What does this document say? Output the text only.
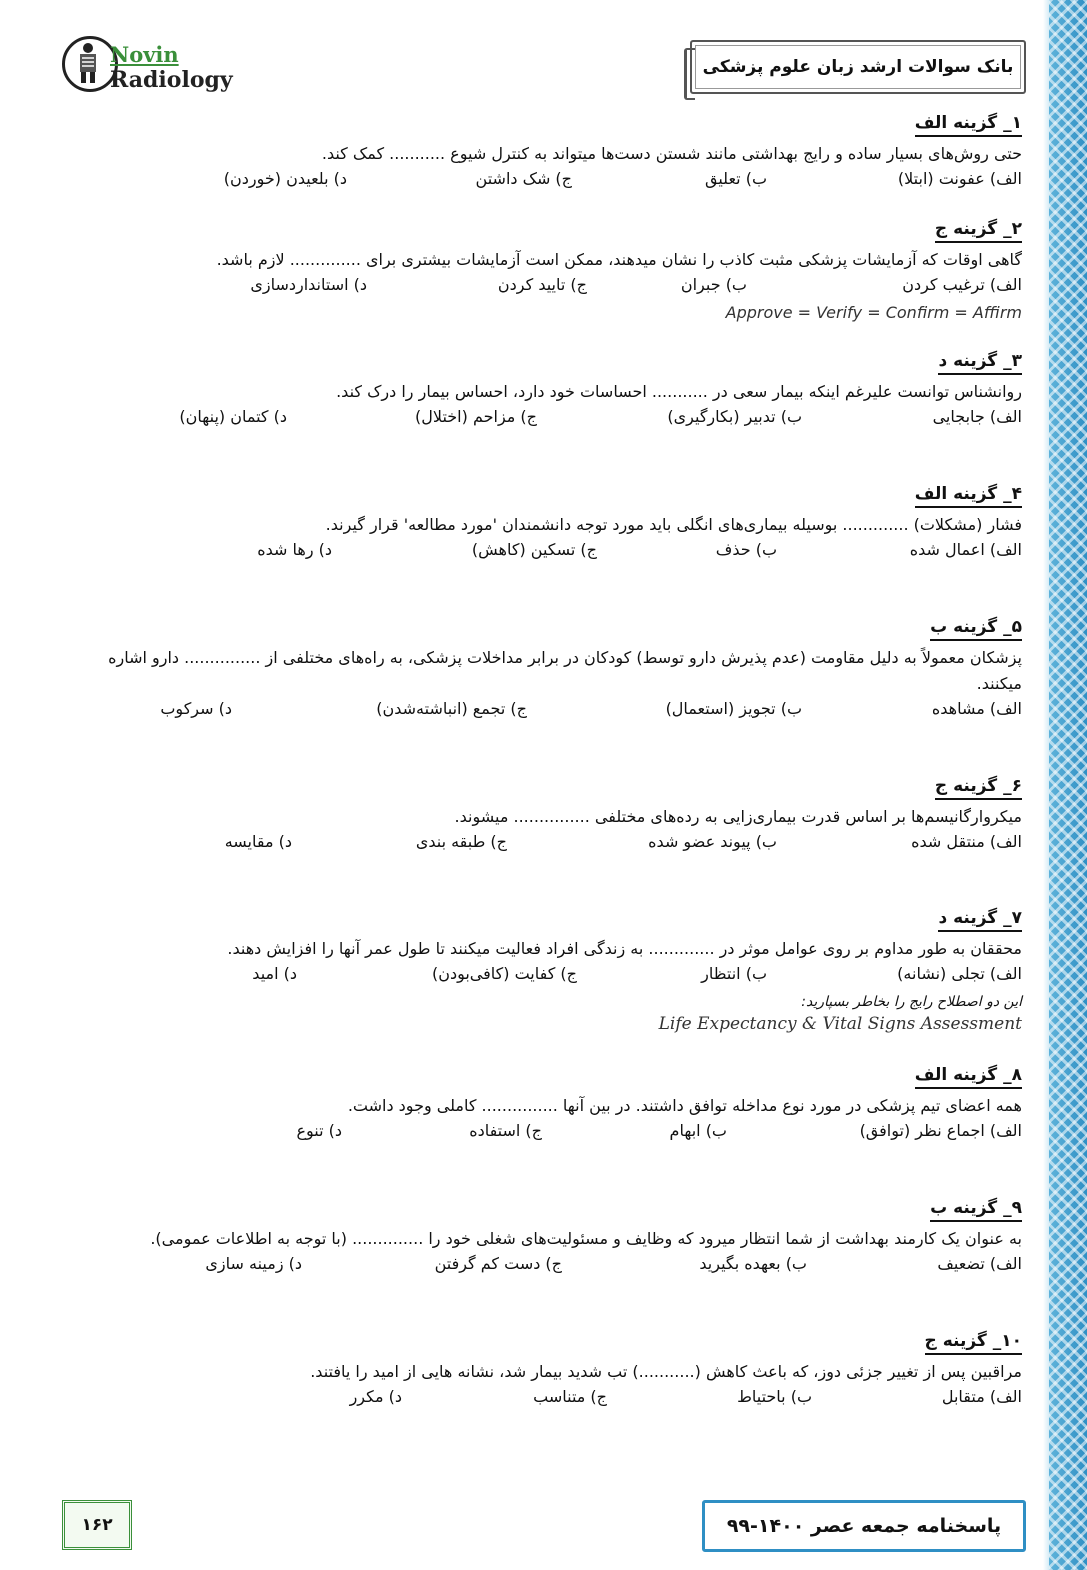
Novin
Radiology	بانک سوالات ارشد زبان علوم پزشکی
۱_ گزینه الف
حتی روش‌های بسیار ساده و رایج بهداشتی مانند شستن دست‌ها میتواند به کنترل شیوع ........... کمک کند.
الف) عفونت (ابتلا)
ب) تعلیق
ج) شک داشتن
د) بلعیدن (خوردن)
۲_ گزینه ج
گاهی اوقات که آزمایشات پزشکی مثبت کاذب را نشان میدهند، ممکن است آزمایشات بیشتری برای .............. لازم باشد.
الف) ترغیب کردن
ب) جبران
ج) تایید کردن
د) استانداردسازی
Approve = Verify = Confirm = Affirm
۳_ گزینه د
روانشناس توانست علیرغم اینکه بیمار سعی در ........... احساسات خود دارد، احساس بیمار را درک کند.
الف) جابجایی
ب) تدبیر (بکارگیری)
ج) مزاحم (اختلال)
د) کتمان (پنهان)
۴_ گزینه الف
فشار (مشکلات) ............. بوسیله بیماری‌های انگلی باید مورد توجه دانشمندان 'مورد مطالعه' قرار گیرند.
الف) اعمال شده
ب) حذف
ج) تسکین (کاهش)
د) رها شده
۵_ گزینه ب
پزشکان معمولاً به دلیل مقاومت (عدم پذیرش دارو توسط) کودکان در برابر مداخلات پزشکی، به راه‌های مختلفی از ............... دارو اشاره میکنند.
الف) مشاهده
ب) تجویز (استعمال)
ج) تجمع (انباشته‌شدن)
د) سرکوب
۶_ گزینه ج
میکروارگانیسم‌ها بر اساس قدرت بیماری‌زایی به رده‌های مختلفی ............... میشوند.
الف) منتقل شده
ب) پیوند عضو شده
ج) طبقه بندی
د) مقایسه
۷_ گزینه د
محققان به طور مداوم بر روی عوامل موثر در ............. به زندگی افراد فعالیت میکنند تا طول عمر آنها را افزایش دهند.
الف) تجلی (نشانه)
ب) انتظار
ج) کفایت (کافی‌بودن)
د) امید
این دو اصطلاح رایج را بخاطر بسپارید:
Life Expectancy & Vital Signs Assessment
۸_ گزینه الف
همه اعضای تیم پزشکی در مورد نوع مداخله توافق داشتند. در بین آنها ............... کاملی وجود داشت.
الف) اجماع نظر (توافق)
ب) ابهام
ج) استفاده
د) تنوع
۹_ گزینه ب
به عنوان یک کارمند بهداشت از شما انتظار میرود که وظایف و مسئولیت‌های شغلی خود را .............. (با توجه به اطلاعات عمومی).
الف) تضعیف
ب) بعهده بگیرید
ج) دست کم گرفتن
د) زمینه سازی
۱۰_ گزینه ج
مراقبین پس از تغییر جزئی دوز، که باعث کاهش (...........) تب شدید بیمار شد، نشانه هایی از امید را یافتند.
الف) متقابل
ب) باحتیاط
ج) متناسب
د) مکرر
۱۶۲	پاسخنامه جمعه عصر ۱۴۰۰-۹۹
